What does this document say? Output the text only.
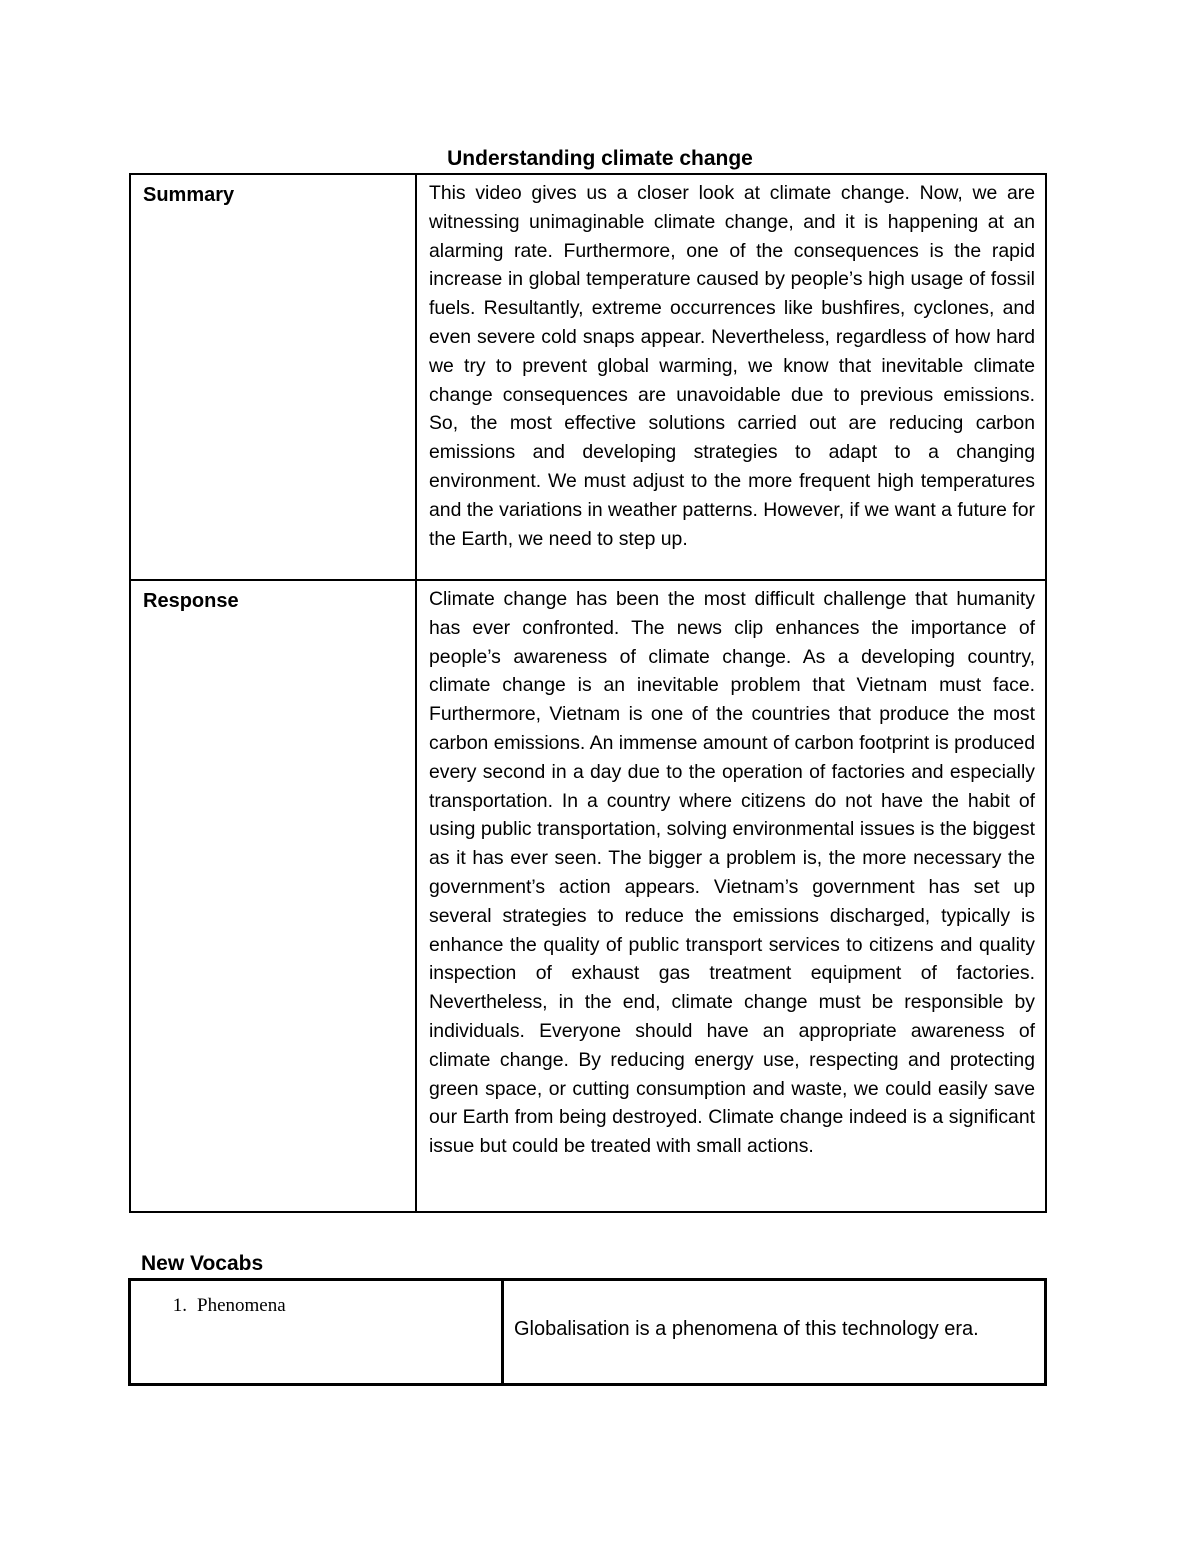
Understanding climate change
Summary	This video gives us a closer look at climate change. Now, we are witnessing unimaginable climate change, and it is happening at an alarming rate. Furthermore, one of the consequences is the rapid increase in global temperature caused by people’s high usage of fossil fuels. Resultantly, extreme occurrences like bushfires, cyclones, and even severe cold snaps appear. Nevertheless, regardless of how hard we try to prevent global warming, we know that inevitable climate change consequences are unavoidable due to previous emissions. So, the most effective solutions carried out are reducing carbon emissions and developing strategies to adapt to a changing environment. We must adjust to the more frequent high temperatures and the variations in weather patterns. However, if we want a future for the Earth, we need to step up.
Response	Climate change has been the most difficult challenge that humanity has ever confronted. The news clip enhances the importance of people’s awareness of climate change. As a developing country, climate change is an inevitable problem that Vietnam must face. Furthermore, Vietnam is one of the countries that produce the most carbon emissions. An immense amount of carbon footprint is produced every second in a day due to the operation of factories and especially transportation. In a country where citizens do not have the habit of using public transportation, solving environmental issues is the biggest as it has ever seen. The bigger a problem is, the more necessary the government’s action appears. Vietnam’s government has set up several strategies to reduce the emissions discharged, typically is enhance the quality of public transport services to citizens and quality inspection of exhaust gas treatment equipment of factories. Nevertheless, in the end, climate change must be responsible by individuals. Everyone should have an appropriate awareness of climate change. By reducing energy use, respecting and protecting green space, or cutting consumption and waste, we could easily save our Earth from being destroyed. Climate change indeed is a significant issue but could be treated with small actions.
New Vocabs
1. Phenomena	Globalisation is a phenomena of this technology era.
